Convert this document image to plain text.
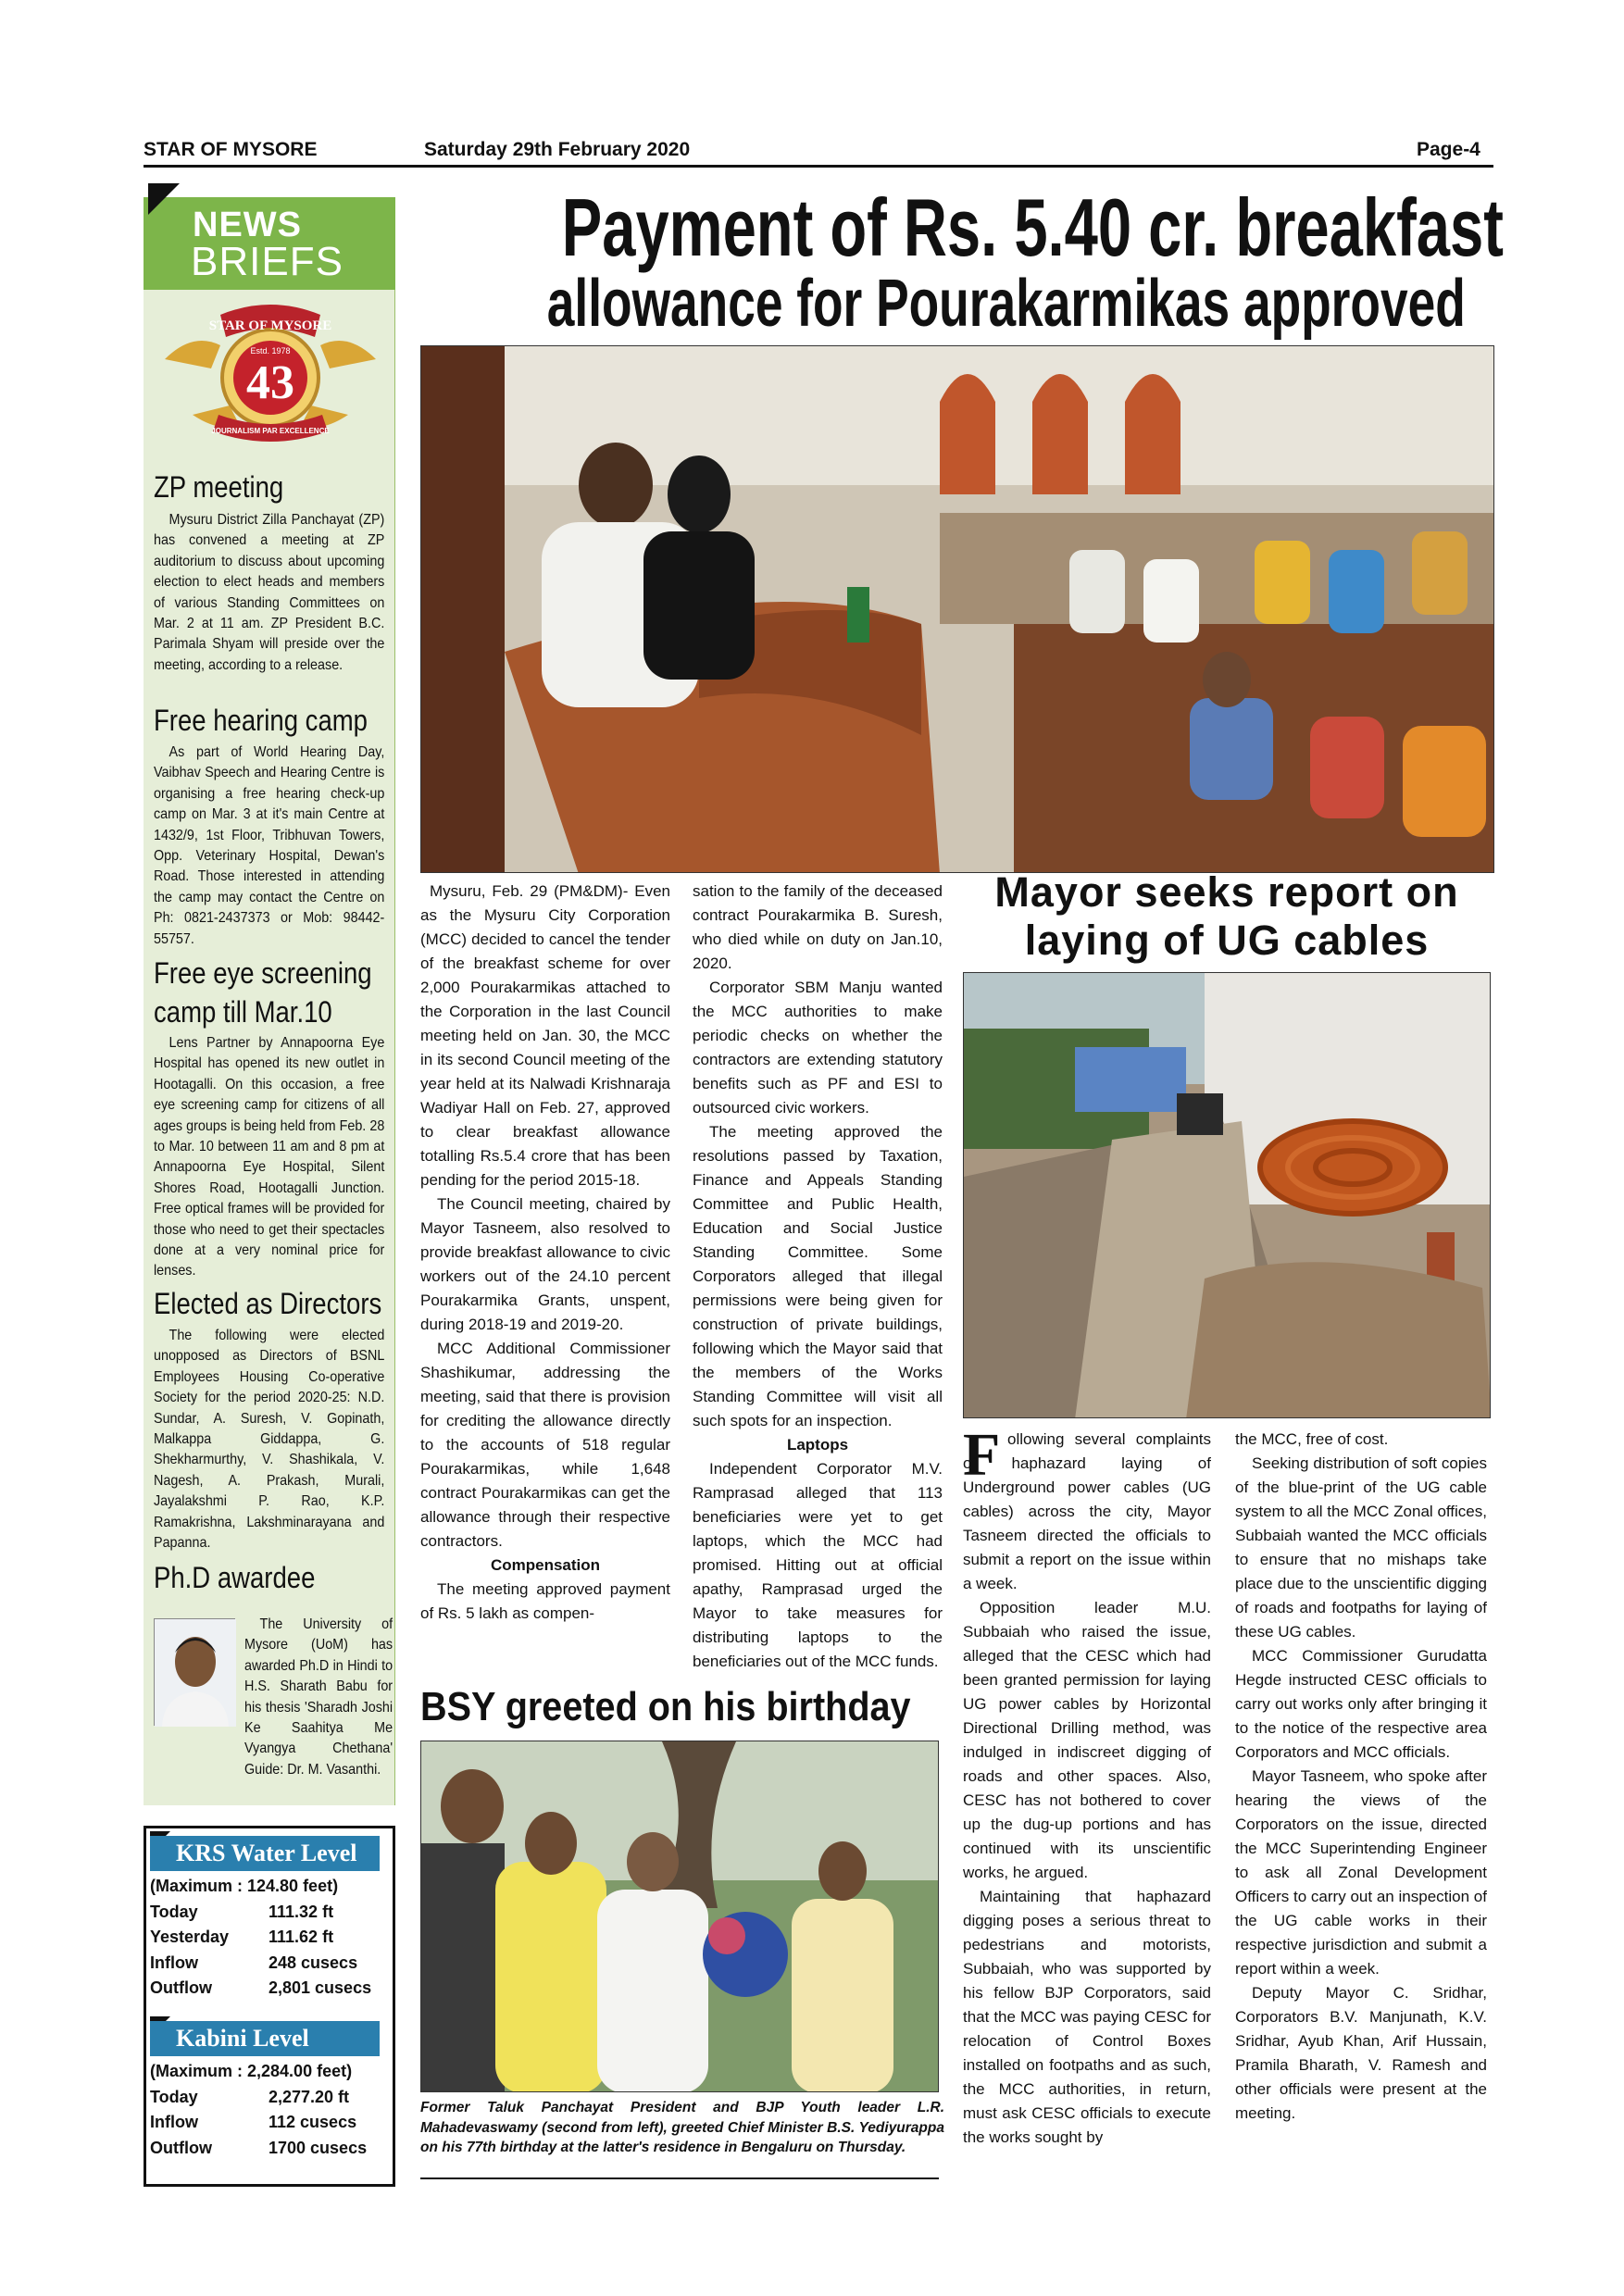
STAR OF MYSORE	Saturday 29th February 2020	Page-4
NEWS
BRIEFS
STAR OF MYSORE
Estd. 1978
43
JOURNALISM PAR EXCELLENCE
ZP meeting
Mysuru District Zilla Panchayat (ZP) has convened a meeting at ZP auditorium to discuss about upcoming election to elect heads and members of various Standing Committees on Mar. 2 at 11 am. ZP President B.C. Parimala Shyam will preside over the meeting, according to a release.
Free hearing camp
As part of World Hearing Day, Vaibhav Speech and Hearing Centre is organising a free hearing check-up camp on Mar. 3 at it's main Centre at 1432/9, 1st Floor, Tribhuvan Towers, Opp. Veterinary Hospital, Dewan's Road. Those interested in attending the camp may contact the Centre on Ph: 0821-2437373 or Mob: 98442-55757.
Free eye screening camp till Mar.10
Lens Partner by Annapoorna Eye Hospital has opened its new outlet in Hootagalli. On this occasion, a free eye screening camp for citizens of all ages groups is being held from Feb. 28 to Mar. 10 between 11 am and 8 pm at Annapoorna Eye Hospital, Silent Shores Road, Hootagalli Junction. Free optical frames will be provided for those who need to get their spectacles done at a very nominal price for lenses.
Elected as Directors
The following were elected unopposed as Directors of BSNL Employees Housing Co-operative Society for the period 2020-25: N.D. Sundar, A. Suresh, V. Gopinath, Malkappa Giddappa, G. Shekharmurthy, V. Shashikala, V. Nagesh, A. Prakash, Murali, Jayalakshmi P. Rao, K.P. Ramakrishna, Lakshminarayana and Papanna.
Ph.D awardee
The University of Mysore (UoM) has awarded Ph.D in Hindi to H.S. Sharath Babu for his thesis 'Sharadh Joshi Ke Saahitya Me Vyangya Chethana' Guide: Dr. M. Vasanthi.
KRS Water Level
(Maximum : 124.80 feet)
Today	111.32 ft
Yesterday	111.62 ft
Inflow	248 cusecs
Outflow	2,801 cusecs
Kabini Level
(Maximum : 2,284.00 feet)
Today	2,277.20 ft
Inflow	112 cusecs
Outflow	1700 cusecs
Payment of Rs. 5.40 cr. breakfast
allowance for Pourakarmikas approved

Mysuru, Feb. 29 (PM&DM)- Even as the Mysuru City Corporation (MCC) decided to cancel the tender of the breakfast scheme for over 2,000 Pourakarmikas attached to the Corporation in the last Council meeting held on Jan. 30, the MCC in its second Council meeting of the year held at its Nalwadi Krishnaraja Wadiyar Hall on Feb. 27, approved to clear breakfast allowance totalling Rs.5.4 crore that has been pending for the period 2015-18.

The Council meeting, chaired by Mayor Tasneem, also resolved to provide breakfast allowance to civic workers out of the 24.10 percent Pourakarmika Grants, unspent, during 2018-19 and 2019-20.

MCC Additional Commissioner Shashikumar, addressing the meeting, said that there is provision for crediting the allowance directly to the accounts of 518 regular Pourakarmikas, while 1,648 contract Pourakarmikas can get the allowance through their respective contractors.

Compensation

The meeting approved payment of Rs. 5 lakh as compen-

sation to the family of the deceased contract Pourakarmika B. Suresh, who died while on duty on Jan.10, 2020.

Corporator SBM Manju wanted the MCC authorities to make periodic checks on whether the contractors are extending statutory benefits such as PF and ESI to outsourced civic workers.

The meeting approved the resolutions passed by Taxation, Finance and Appeals Standing Committee and Public Health, Education and Social Justice Standing Committee. Some Corporators alleged that illegal permissions were being given for construction of private buildings, following which the Mayor said that the members of the Works Standing Committee will visit all such spots for an inspection.

Laptops

Independent Corporator M.V. Ramprasad alleged that 113 beneficiaries were yet to get laptops, which the MCC had promised. Hitting out at official apathy, Ramprasad urged the Mayor to take measures for distributing laptops to the beneficiaries out of the MCC funds.

BSY greeted on his birthday
Former Taluk Panchayat President and BJP Youth leader L.R. Mahadevaswamy (second from left), greeted Chief Minister B.S. Yediyurappa on his 77th birthday at the latter's residence in Bengaluru on Thursday.
Mayor seeks report on
laying of UG cables
F ollowing several complaints of haphazard laying of Underground power cables (UG cables) across the city, Mayor Tasneem directed the officials to submit a report on the issue within a week.

Opposition leader M.U. Subbaiah who raised the issue, alleged that the CESC which had been granted permission for laying UG power cables by Horizontal Directional Drilling method, was indulged in indiscreet digging of roads and other spaces. Also, CESC has not bothered to cover up the dug-up portions and has continued with its unscientific works, he argued.

Maintaining that haphazard digging poses a serious threat to pedestrians and motorists, Subbaiah, who was supported by his fellow BJP Corporators, said that the MCC was paying CESC for relocation of Control Boxes installed on footpaths and as such, the MCC authorities, in return, must ask CESC officials to execute the works sought by

the MCC, free of cost.

Seeking distribution of soft copies of the blue-print of the UG cable system to all the MCC Zonal offices, Subbaiah wanted the MCC officials to ensure that no mishaps take place due to the unscientific digging of roads and footpaths for laying of these UG cables.

MCC Commissioner Gurudatta Hegde instructed CESC officials to carry out works only after bringing it to the notice of the respective area Corporators and MCC officials.

Mayor Tasneem, who spoke after hearing the views of the Corporators on the issue, directed the MCC Superintending Engineer to ask all Zonal Development Officers to carry out an inspection of the UG cable works in their respective jurisdiction and submit a report within a week.

Deputy Mayor C. Sridhar, Corporators B.V. Manjunath, K.V. Sridhar, Ayub Khan, Arif Hussain, Pramila Bharath, V. Ramesh and other officials were present at the meeting.
